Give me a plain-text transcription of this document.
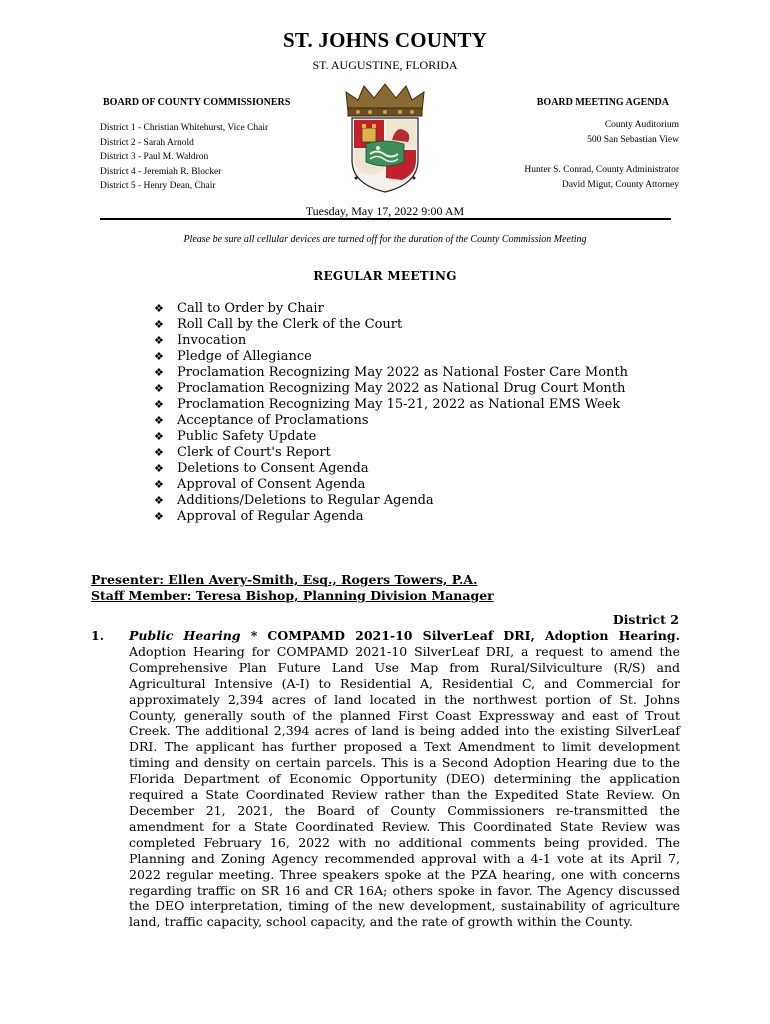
ST. JOHNS COUNTY
ST. AUGUSTINE, FLORIDA
BOARD OF COUNTY COMMISSIONERS
District 1 - Christian Whitehurst, Vice Chair
District 2 - Sarah Arnold
District 3 - Paul M. Waldron
District 4 - Jeremiah R. Blocker
District 5 - Henry Dean, Chair
BOARD MEETING AGENDA
County Auditorium
500 San Sebastian View
Hunter S. Conrad, County Administrator
David Migut, County Attorney
Tuesday, May 17, 2022 9:00 AM
Please be sure all cellular devices are turned off for the duration of the County Commission Meeting
REGULAR MEETING
❖	Call to Order by Chair
❖	Roll Call by the Clerk of the Court
❖	Invocation
❖	Pledge of Allegiance
❖	Proclamation Recognizing May 2022 as National Foster Care Month
❖	Proclamation Recognizing May 2022 as National Drug Court Month
❖	Proclamation Recognizing May 15-21, 2022 as National EMS Week
❖	Acceptance of Proclamations
❖	Public Safety Update
❖	Clerk of Court's Report
❖	Deletions to Consent Agenda
❖	Approval of Consent Agenda
❖	Additions/Deletions to Regular Agenda
❖	Approval of Regular Agenda
Presenter: Ellen Avery-Smith, Esq., Rogers Towers, P.A.
Staff Member: Teresa Bishop, Planning Division Manager
District 2
1. Public Hearing * COMPAMD 2021-10 SilverLeaf DRI, Adoption Hearing. Adoption Hearing for COMPAMD 2021-10 SilverLeaf DRI, a request to amend the Comprehensive Plan Future Land Use Map from Rural/Silviculture (R/S) and Agricultural Intensive (A-I) to Residential A, Residential C, and Commercial for approximately 2,394 acres of land located in the northwest portion of St. Johns County, generally south of the planned First Coast Expressway and east of Trout Creek. The additional 2,394 acres of land is being added into the existing SilverLeaf DRI. The applicant has further proposed a Text Amendment to limit development timing and density on certain parcels. This is a Second Adoption Hearing due to the Florida Department of Economic Opportunity (DEO) determining the application required a State Coordinated Review rather than the Expedited State Review. On December 21, 2021, the Board of County Commissioners re-transmitted the amendment for a State Coordinated Review. This Coordinated State Review was completed February 16, 2022 with no additional comments being provided. The Planning and Zoning Agency recommended approval with a 4-1 vote at its April 7, 2022 regular meeting. Three speakers spoke at the PZA hearing, one with concerns regarding traffic on SR 16 and CR 16A; others spoke in favor. The Agency discussed the DEO interpretation, timing of the new development, sustainability of agriculture land, traffic capacity, school capacity, and the rate of growth within the County.
